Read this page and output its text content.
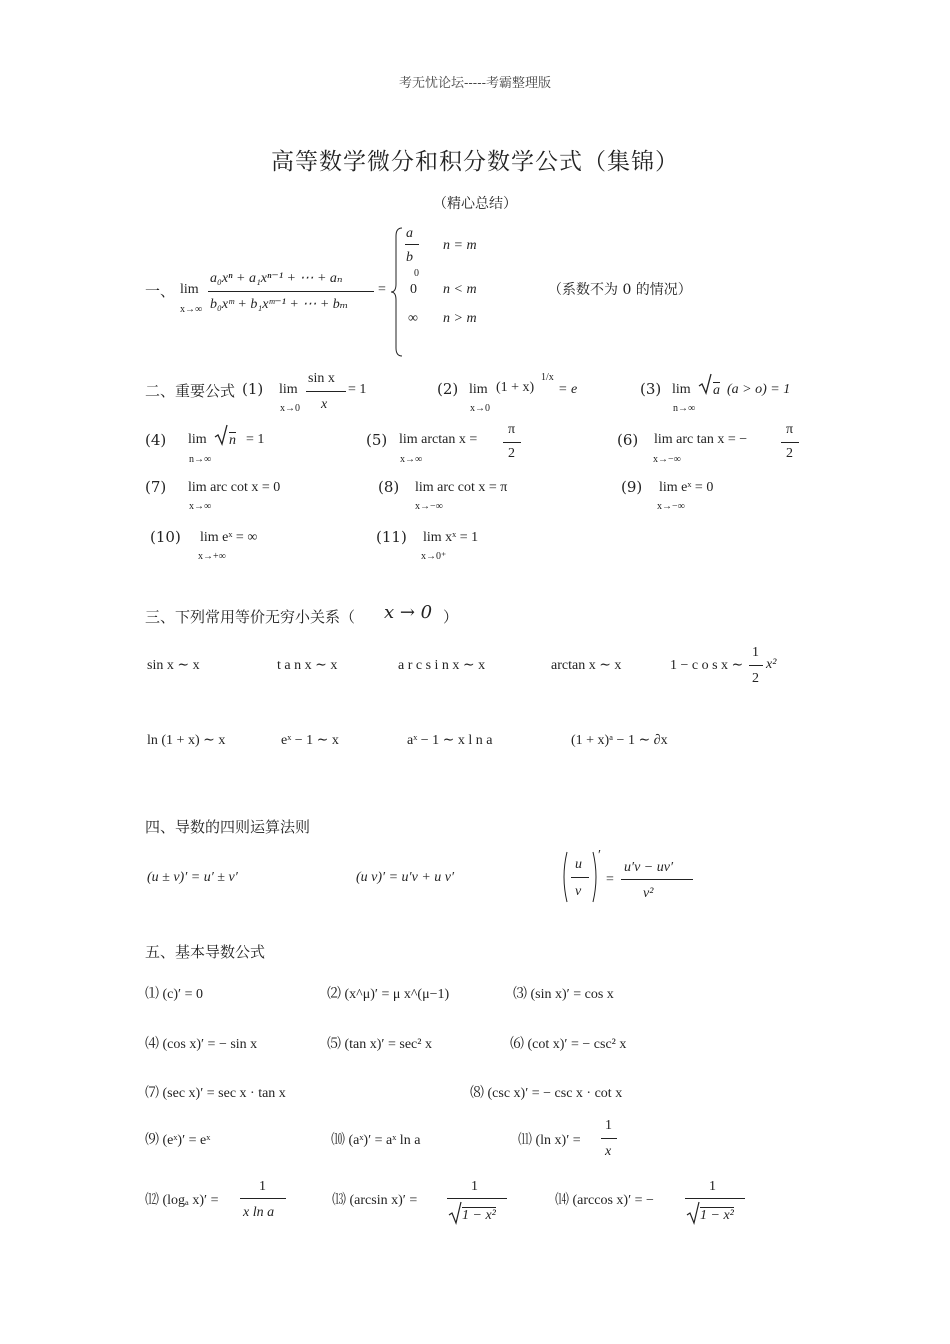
考无忧论坛-----考霸整理版
高等数学微分和积分数学公式（集锦）
（精心总结）
一、 lim
x→∞
a₀xⁿ + a₁xⁿ⁻¹ + ⋯ + aₙ
b₀xᵐ + b₁xᵐ⁻¹ + ⋯ + bₘ
=
a
b
0
n = m
0 n < m
∞ n > m
（系数不为 0 的情况）
二、重要公式 (1) lim
x→0
sin x
x
= 1	(2) lim
x→0
(1 + x)
1/x
= e	(3) lim
n→∞
a (a > o) = 1
(4) lim
n→∞
n = 1	(5) lim arctan x =
x→∞
π
2
(6) lim arc tan x = −
x→−∞
π
2
(7) lim arc cot x = 0
x→∞
(8) lim arc cot x = π
x→−∞
(9) lim eˣ = 0
x→−∞
(10) lim eˣ = ∞
x→+∞
(11) lim xˣ = 1
x→0⁺
三、下列常用等价无穷小关系（ x → 0 ）
sin x ∼ x	t a n x ∼ x	a r c s i n x ∼ x	arctan x ∼ x	1 − c o s x ∼
1
2
x²
ln (1 + x) ∼ x	eˣ − 1 ∼ x	aˣ − 1 ∼ x l n a	(1 + x)ᵃ − 1 ∼ ∂x
四、导数的四则运算法则
(u ± v)′ = u′ ± v′	(u v)′ = u′v + u v′
u
v
′
=
u′v − uv′
v²
五、基本导数公式
⑴ (c)′ = 0	⑵ (x^μ)′ = μ x^(μ−1)	⑶ (sin x)′ = cos x
⑷ (cos x)′ = − sin x	⑸ (tan x)′ = sec² x	⑹ (cot x)′ = − csc² x
⑺ (sec x)′ = sec x · tan x	⑻ (csc x)′ = − csc x · cot x
⑼ (eˣ)′ = eˣ	⑽ (aˣ)′ = aˣ ln a	⑾ (ln x)′ =
1
x
⑿ (logₐ x)′ =
1
x ln a
⒀ (arcsin x)′ =
1
1 − x²
⒁ (arccos x)′ = −
1
1 − x²
